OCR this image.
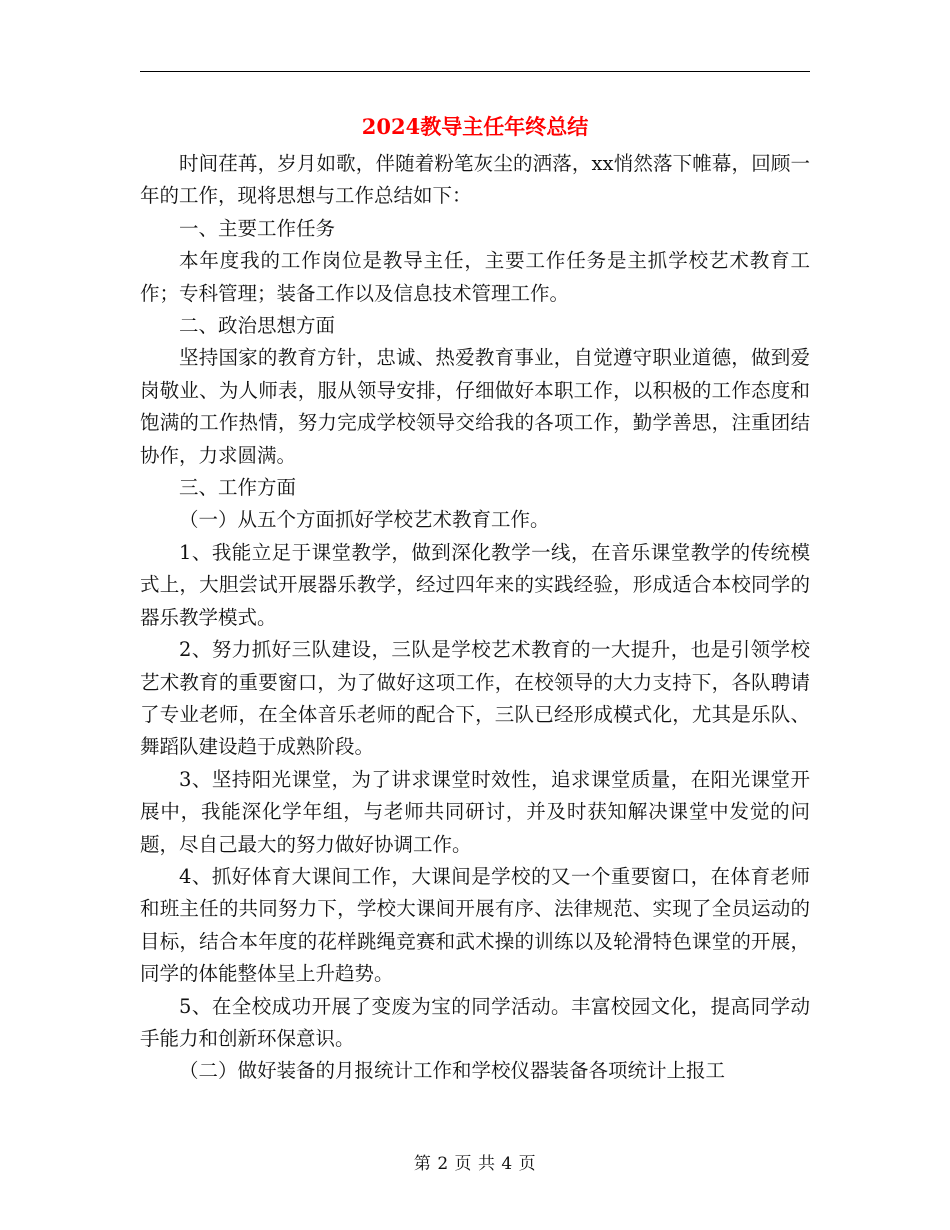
2024教导主任年终总结

时间荏苒，岁月如歌，伴随着粉笔灰尘的洒落，xx悄然落下帷幕，回顾一年的工作，现将思想与工作总结如下：

一、主要工作任务

本年度我的工作岗位是教导主任，主要工作任务是主抓学校艺术教育工作；专科管理；装备工作以及信息技术管理工作。

二、政治思想方面

坚持国家的教育方针，忠诚、热爱教育事业，自觉遵守职业道德，做到爱岗敬业、为人师表，服从领导安排，仔细做好本职工作，以积极的工作态度和饱满的工作热情，努力完成学校领导交给我的各项工作，勤学善思，注重团结协作，力求圆满。

三、工作方面

（一）从五个方面抓好学校艺术教育工作。

1、我能立足于课堂教学，做到深化教学一线，在音乐课堂教学的传统模式上，大胆尝试开展器乐教学，经过四年来的实践经验，形成适合本校同学的器乐教学模式。

2、努力抓好三队建设，三队是学校艺术教育的一大提升，也是引领学校艺术教育的重要窗口，为了做好这项工作，在校领导的大力支持下，各队聘请了专业老师，在全体音乐老师的配合下，三队已经形成模式化，尤其是乐队、舞蹈队建设趋于成熟阶段。

3、坚持阳光课堂，为了讲求课堂时效性，追求课堂质量，在阳光课堂开展中，我能深化学年组，与老师共同研讨，并及时获知解决课堂中发觉的问题，尽自己最大的努力做好协调工作。

4、抓好体育大课间工作，大课间是学校的又一个重要窗口，在体育老师和班主任的共同努力下，学校大课间开展有序、法律规范、实现了全员运动的目标，结合本年度的花样跳绳竞赛和武术操的训练以及轮滑特色课堂的开展，同学的体能整体呈上升趋势。

5、在全校成功开展了变废为宝的同学活动。丰富校园文化，提高同学动手能力和创新环保意识。

（二）做好装备的月报统计工作和学校仪器装备各项统计上报工

第 2 页 共 4 页
